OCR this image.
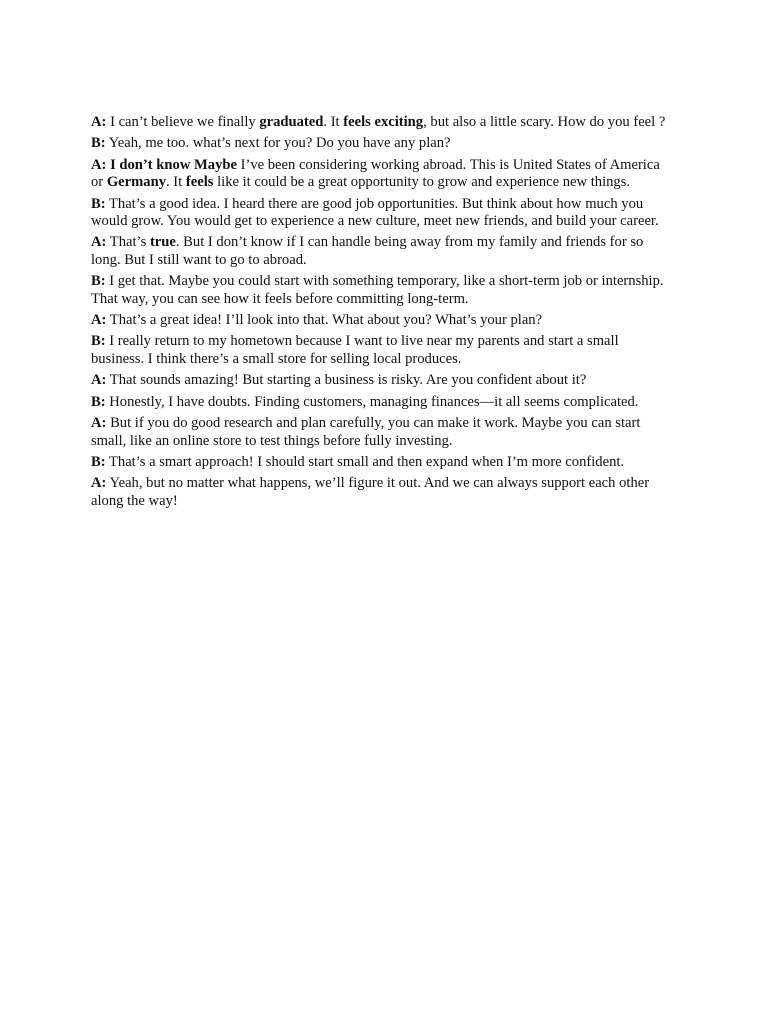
A: I can’t believe we finally graduated. It feels exciting, but also a little scary. How do you feel ?

B: Yeah, me too. what’s next for you? Do you have any plan?

A: I don’t know Maybe I’ve been considering working abroad. This is United States of America or Germany. It feels like it could be a great opportunity to grow and experience new things.

B: That’s a good idea. I heard there are good job opportunities. But think about how much you would grow. You would get to experience a new culture, meet new friends, and build your career.

A: That’s true. But I don’t know if I can handle being away from my family and friends for so long. But I still want to go to abroad.

B: I get that. Maybe you could start with something temporary, like a short-term job or internship. That way, you can see how it feels before committing long-term.

A: That’s a great idea! I’ll look into that. What about you? What’s your plan?

B: I really return to my hometown because I want to live near my parents and start a small business. I think there’s a small store for selling local produces.

A: That sounds amazing! But starting a business is risky. Are you confident about it?

B: Honestly, I have doubts. Finding customers, managing finances—it all seems complicated.

A: But if you do good research and plan carefully, you can make it work. Maybe you can start small, like an online store to test things before fully investing.

B: That’s a smart approach! I should start small and then expand when I’m more confident.

A: Yeah, but no matter what happens, we’ll figure it out. And we can always support each other along the way!
